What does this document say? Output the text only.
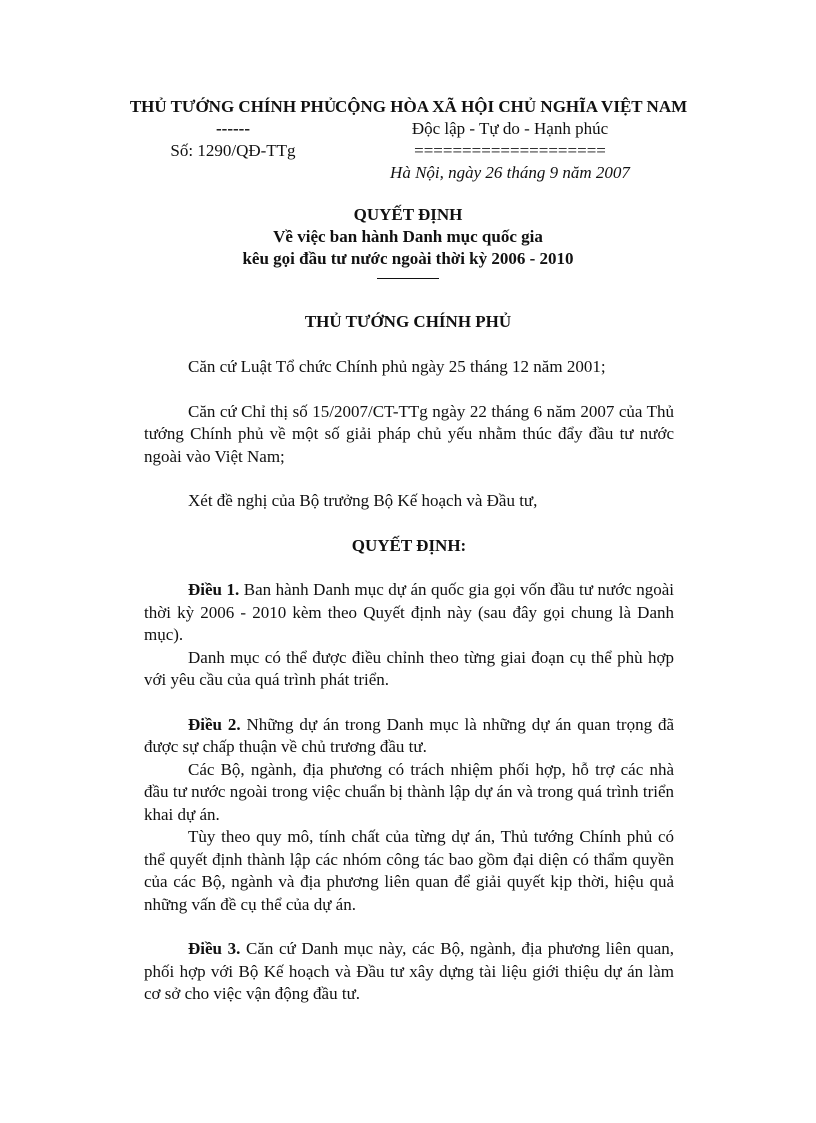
THỦ TƯỚNG CHÍNH PHỦ
------
Số: 1290/QĐ-TTg
CỘNG HÒA XÃ HỘI CHỦ NGHĨA VIỆT NAM
Độc lập - Tự do - Hạnh phúc
====================
Hà Nội, ngày 26 tháng 9 năm 2007
QUYẾT ĐỊNH
Về việc ban hành Danh mục quốc gia
kêu gọi đầu tư nước ngoài thời kỳ 2006 - 2010
THỦ TƯỚNG CHÍNH PHỦ

Căn cứ Luật Tổ chức Chính phủ ngày 25 tháng 12 năm 2001;

Căn cứ Chỉ thị số 15/2007/CT-TTg ngày 22 tháng 6 năm 2007 của Thủ tướng Chính phủ về một số giải pháp chủ yếu nhằm thúc đẩy đầu tư nước ngoài vào Việt Nam;

Xét đề nghị của Bộ trưởng Bộ Kế hoạch và Đầu tư,

QUYẾT ĐỊNH:

Điều 1. Ban hành Danh mục dự án quốc gia gọi vốn đầu tư nước ngoài thời kỳ 2006 - 2010 kèm theo Quyết định này (sau đây gọi chung là Danh mục).

Danh mục có thể được điều chỉnh theo từng giai đoạn cụ thể phù hợp với yêu cầu của quá trình phát triển.

Điều 2. Những dự án trong Danh mục là những dự án quan trọng đã được sự chấp thuận về chủ trương đầu tư.

Các Bộ, ngành, địa phương có trách nhiệm phối hợp, hỗ trợ các nhà đầu tư nước ngoài trong việc chuẩn bị thành lập dự án và trong quá trình triển khai dự án.

Tùy theo quy mô, tính chất của từng dự án, Thủ tướng Chính phủ có thể quyết định thành lập các nhóm công tác bao gồm đại diện có thẩm quyền của các Bộ, ngành và địa phương liên quan để giải quyết kịp thời, hiệu quả những vấn đề cụ thể của dự án.

Điều 3. Căn cứ Danh mục này, các Bộ, ngành, địa phương liên quan, phối hợp với Bộ Kế hoạch và Đầu tư xây dựng tài liệu giới thiệu dự án làm cơ sở cho việc vận động đầu tư.
